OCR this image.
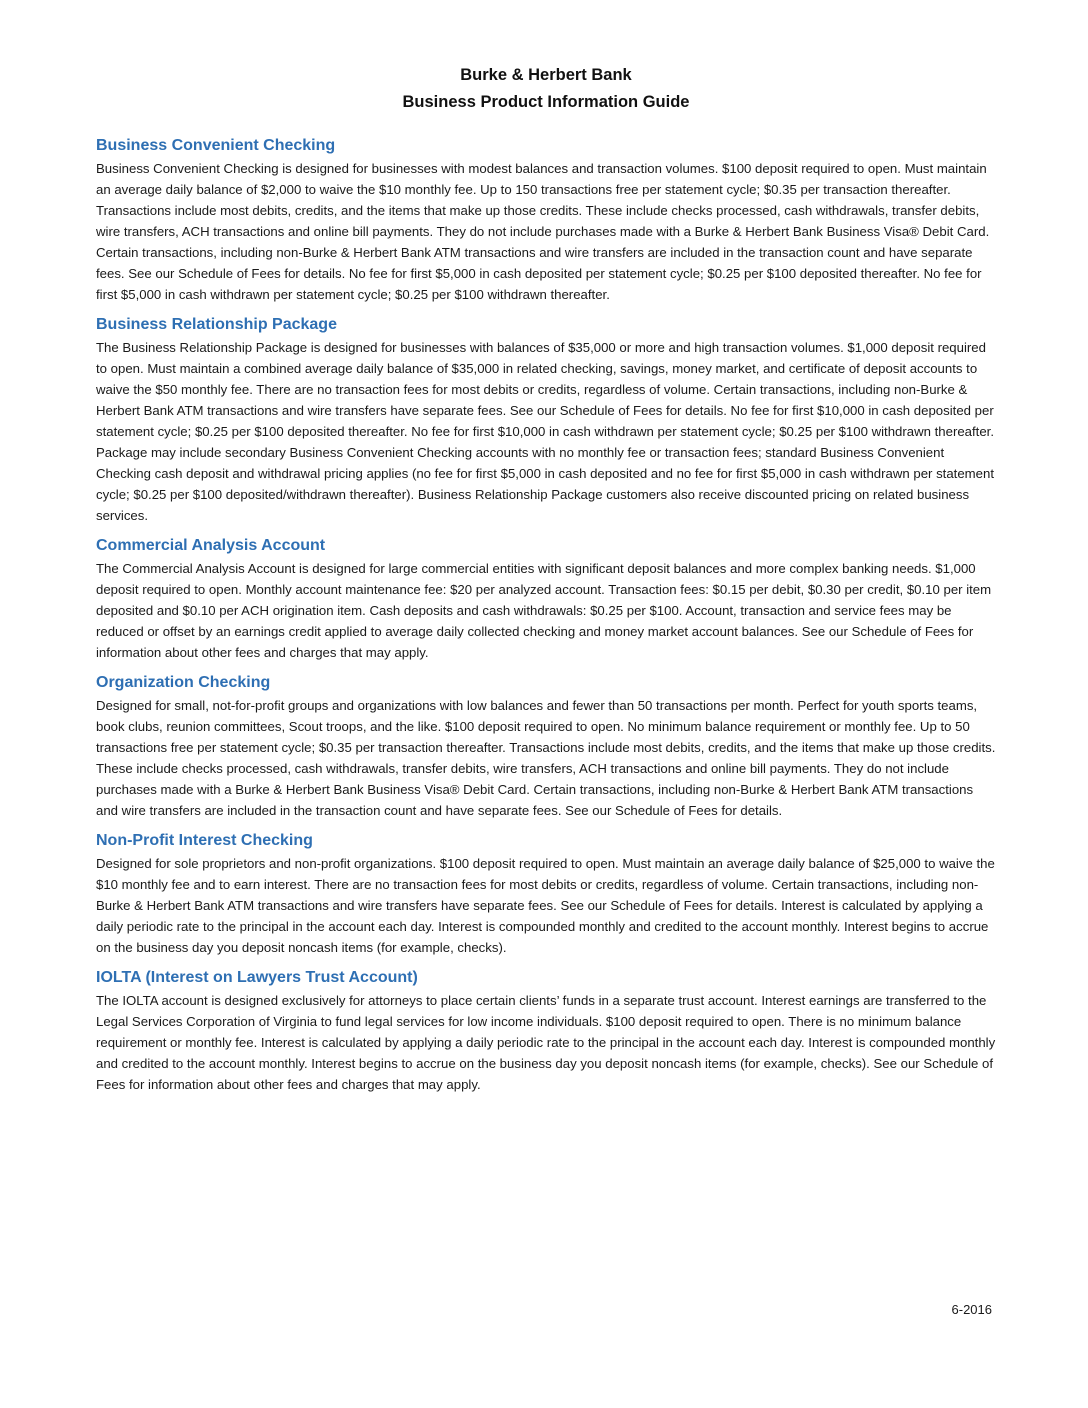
Burke & Herbert Bank
Business Product Information Guide
Business Convenient Checking

Business Convenient Checking is designed for businesses with modest balances and transaction volumes. $100 deposit required to open. Must maintain an average daily balance of $2,000 to waive the $10 monthly fee. Up to 150 transactions free per statement cycle; $0.35 per transaction thereafter. Transactions include most debits, credits, and the items that make up those credits. These include checks processed, cash withdrawals, transfer debits, wire transfers, ACH transactions and online bill payments. They do not include purchases made with a Burke & Herbert Bank Business Visa® Debit Card. Certain transactions, including non-Burke & Herbert Bank ATM transactions and wire transfers are included in the transaction count and have separate fees. See our Schedule of Fees for details. No fee for first $5,000 in cash deposited per statement cycle; $0.25 per $100 deposited thereafter. No fee for first $5,000 in cash withdrawn per statement cycle; $0.25 per $100 withdrawn thereafter.

Business Relationship Package

The Business Relationship Package is designed for businesses with balances of $35,000 or more and high transaction volumes. $1,000 deposit required to open. Must maintain a combined average daily balance of $35,000 in related checking, savings, money market, and certificate of deposit accounts to waive the $50 monthly fee. There are no transaction fees for most debits or credits, regardless of volume. Certain transactions, including non-Burke & Herbert Bank ATM transactions and wire transfers have separate fees. See our Schedule of Fees for details. No fee for first $10,000 in cash deposited per statement cycle; $0.25 per $100 deposited thereafter. No fee for first $10,000 in cash withdrawn per statement cycle; $0.25 per $100 withdrawn thereafter. Package may include secondary Business Convenient Checking accounts with no monthly fee or transaction fees; standard Business Convenient Checking cash deposit and withdrawal pricing applies (no fee for first $5,000 in cash deposited and no fee for first $5,000 in cash withdrawn per statement cycle; $0.25 per $100 deposited/withdrawn thereafter). Business Relationship Package customers also receive discounted pricing on related business services.

Commercial Analysis Account

The Commercial Analysis Account is designed for large commercial entities with significant deposit balances and more complex banking needs. $1,000 deposit required to open. Monthly account maintenance fee: $20 per analyzed account. Transaction fees: $0.15 per debit, $0.30 per credit, $0.10 per item deposited and $0.10 per ACH origination item. Cash deposits and cash withdrawals: $0.25 per $100. Account, transaction and service fees may be reduced or offset by an earnings credit applied to average daily collected checking and money market account balances. See our Schedule of Fees for information about other fees and charges that may apply.

Organization Checking

Designed for small, not-for-profit groups and organizations with low balances and fewer than 50 transactions per month. Perfect for youth sports teams, book clubs, reunion committees, Scout troops, and the like. $100 deposit required to open. No minimum balance requirement or monthly fee. Up to 50 transactions free per statement cycle; $0.35 per transaction thereafter. Transactions include most debits, credits, and the items that make up those credits. These include checks processed, cash withdrawals, transfer debits, wire transfers, ACH transactions and online bill payments. They do not include purchases made with a Burke & Herbert Bank Business Visa® Debit Card. Certain transactions, including non-Burke & Herbert Bank ATM transactions and wire transfers are included in the transaction count and have separate fees. See our Schedule of Fees for details.

Non-Profit Interest Checking

Designed for sole proprietors and non-profit organizations. $100 deposit required to open. Must maintain an average daily balance of $25,000 to waive the $10 monthly fee and to earn interest. There are no transaction fees for most debits or credits, regardless of volume. Certain transactions, including non-Burke & Herbert Bank ATM transactions and wire transfers have separate fees. See our Schedule of Fees for details. Interest is calculated by applying a daily periodic rate to the principal in the account each day. Interest is compounded monthly and credited to the account monthly. Interest begins to accrue on the business day you deposit noncash items (for example, checks).

IOLTA (Interest on Lawyers Trust Account)

The IOLTA account is designed exclusively for attorneys to place certain clients’ funds in a separate trust account. Interest earnings are transferred to the Legal Services Corporation of Virginia to fund legal services for low income individuals. $100 deposit required to open. There is no minimum balance requirement or monthly fee. Interest is calculated by applying a daily periodic rate to the principal in the account each day. Interest is compounded monthly and credited to the account monthly. Interest begins to accrue on the business day you deposit noncash items (for example, checks). See our Schedule of Fees for information about other fees and charges that may apply.

6-2016
